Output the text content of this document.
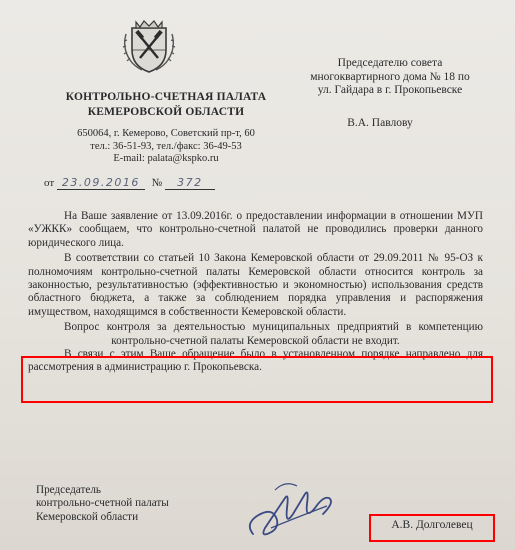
КОНТРОЛЬНО-СЧЕТНАЯ ПАЛАТА
КЕМЕРОВСКОЙ ОБЛАСТИ
650064, г. Кемерово, Советский пр-т, 60
тел.: 36-51-93, тел./факс: 36-49-53
E-mail: palata@kspko.ru
Председателю совета
многоквартирного дома № 18 по
ул. Гайдара в г. Прокопьевске
В.А. Павлову
от 23.09.2016 № 372

На Ваше заявление от 13.09.2016г. о предоставлении информации в отношении МУП «УЖКК» сообщаем, что контрольно-счетной палатой не проводились проверки данного юридического лица.

В соответствии со статьей 10 Закона Кемеровской области от 29.09.2011 № 95-ОЗ к полномочиям контрольно-счетной палаты Кемеровской области относится контроль за законностью, результативностью (эффективностью и экономностью) использования средств областного бюджета, а также за соблюдением порядка управления и распоряжения имуществом, находящимся в собственности Кемеровской области.

Вопрос контроля за деятельностью муниципальных предприятий в компетенцию контрольно-счетной палаты Кемеровской области не входит.

В связи с этим Ваше обращение было в установленном порядке направлено для рассмотрения в администрацию г. Прокопьевска.

Председатель
контрольно-счетной палаты
Кемеровской области
А.В. Долголевец
